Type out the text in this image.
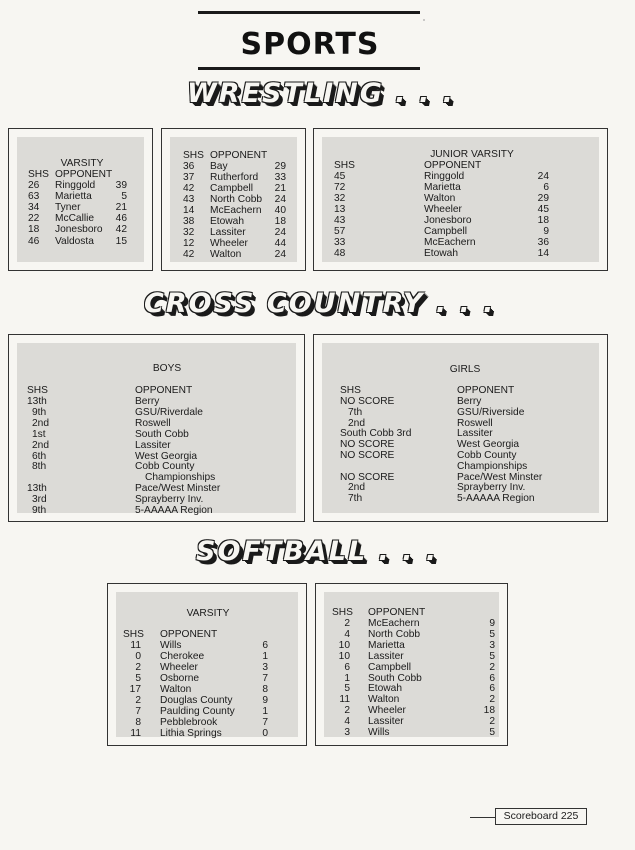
SPORTS
WRESTLING . . .
VARSITY
SHS OPPONENT
26 Ringgold	39
63 Marietta	5
34 Tyner	21
22 McCallie	46
18 Jonesboro	42
46 Valdosta	15
SHS OPPONENT
36 Bay	29
37 Rutherford	33
42 Campbell	21
43 North Cobb	24
14 McEachern	40
38 Etowah	18
32 Lassiter	24
12 Wheeler	44
42 Walton	24
JUNIOR VARSITY
SHS	OPPONENT
45	Ringgold	24
72	Marietta	6
32	Walton	29
13	Wheeler	45
43	Jonesboro	18
57	Campbell	9
33	McEachern	36
48	Etowah	14
CROSS COUNTRY . . .
BOYS
SHS	OPPONENT
13th	Berry
9th	GSU/Riverdale
2nd	Roswell
1st	South Cobb
2nd	Lassiter
6th	West Georgia
8th	Cobb County
Championships
13th	Pace/West Minster
3rd	Sprayberry Inv.
9th	5-AAAAA Region
GIRLS
SHS	OPPONENT
NO SCORE	Berry
7th	GSU/Riverside
2nd	Roswell
South Cobb 3rd	Lassiter
NO SCORE	West Georgia
NO SCORE	Cobb County
Championships
NO SCORE	Pace/West Minster
2nd	Sprayberry Inv.
7th	5-AAAAA Region
SOFTBALL . . .
VARSITY
SHS OPPONENT
11 Wills	6
0 Cherokee	1
2 Wheeler	3
5 Osborne	7
17 Walton	8
2 Douglas County	9
7 Paulding County	1
8 Pebblebrook	7
11 Lithia Springs	0
SHS OPPONENT
2 McEachern	9
4 North Cobb	5
10 Marietta	3
10 Lassiter	5
6 Campbell	2
1 South Cobb	6
5 Etowah	6
11 Walton	2
2 Wheeler	18
4 Lassiter	2
3 Wills	5
Scoreboard 225
